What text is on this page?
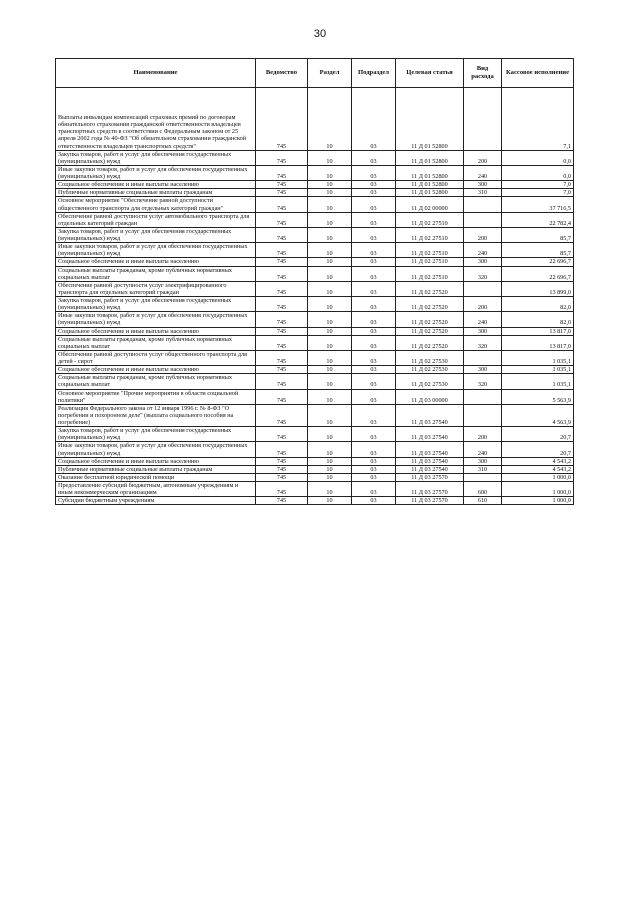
30
Наименование	Ведомство	Раздел	Подраздел	Целевая статья	Вид расхода	Кассовое исполнение
Выплаты инвалидам компенсаций страховых премий по договорам обязательного страхования гражданской ответственности владельцев транспортных средств в соответствии с Федеральным законом от 25 апреля 2002 года № 40-ФЗ "Об обязательном страховании гражданской ответственности владельцев транспортных средств"	745	10	03	11 Д 01 52800		7,1
Закупка товаров, работ и услуг для обеспечения государственных (муниципальных) нужд	745	10	03	11 Д 01 52800	200	0,0
Иные закупки товаров, работ и услуг для обеспечения государственных (муниципальных) нужд	745	10	03	11 Д 01 52800	240	0,0
Социальное обеспечение и иные выплаты населению	745	10	03	11 Д 01 52800	300	7,0
Публичные нормативные социальные выплаты гражданам	745	10	03	11 Д 01 52800	310	7,0
Основное мероприятие "Обеспечение равной доступности общественного транспорта для отдельных категорий граждан"	745	10	03	11 Д 02 00000		37 716,5
Обеспечение равной доступности услуг автомобильного транспорта для отдельных категорий граждан	745	10	03	11 Д 02 27510		22 782,4
Закупка товаров, работ и услуг для обеспечения государственных (муниципальных) нужд	745	10	03	11 Д 02 27510	200	85,7
Иные закупки товаров, работ и услуг для обеспечения государственных (муниципальных) нужд	745	10	03	11 Д 02 27510	240	85,7
Социальное обеспечение и иные выплаты населению	745	10	03	11 Д 02 27510	300	22 696,7
Социальные выплаты гражданам, кроме публичных нормативных социальных выплат	745	10	03	11 Д 02 27510	320	22 696,7
Обеспечение равной доступности услуг электрифицированного транспорта для отдельных категорий граждан	745	10	03	11 Д 02 27520		13 899,0
Закупка товаров, работ и услуг для обеспечения государственных (муниципальных) нужд	745	10	03	11 Д 02 27520	200	82,0
Иные закупки товаров, работ и услуг для обеспечения государственных (муниципальных) нужд	745	10	03	11 Д 02 27520	240	82,0
Социальное обеспечение и иные выплаты населению	745	10	03	11 Д 02 27520	300	13 817,0
Социальные выплаты гражданам, кроме публичных нормативных социальных выплат	745	10	03	11 Д 02 27520	320	13 817,0
Обеспечение равной доступности услуг общественного транспорта для детей - сирот	745	10	03	11 Д 02 27530		1 035,1
Социальное обеспечение и иные выплаты населению	745	10	03	11 Д 02 27530	300	1 035,1
Социальные выплаты гражданам, кроме публичных нормативных социальных выплат	745	10	03	11 Д 02 27530	320	1 035,1
Основное мероприятие "Прочие мероприятия в области социальной политики"	745	10	03	11 Д 03 00000		5 563,9
Реализация Федерального закона от 12 января 1996 г. № 8-ФЗ "О погребении и похоронном деле" (выплата социального пособия на погребение)	745	10	03	11 Д 03 27540		4 563,9
Закупка товаров, работ и услуг для обеспечения государственных (муниципальных) нужд	745	10	03	11 Д 03 27540	200	20,7
Иные закупки товаров, работ и услуг для обеспечения государственных (муниципальных) нужд	745	10	03	11 Д 03 27540	240	20,7
Социальное обеспечение и иные выплаты населению	745	10	03	11 Д 03 27540	300	4 543,2
Публичные нормативные социальные выплаты гражданам	745	10	03	11 Д 03 27540	310	4 543,2
Оказание бесплатной юридической помощи	745	10	03	11 Д 03 27570		1 000,0
Предоставление субсидий бюджетным, автономным учреждениям и иным некоммерческим организациям	745	10	03	11 Д 03 27570	600	1 000,0
Субсидии бюджетным учреждениям	745	10	03	11 Д 03 27570	610	1 000,0
